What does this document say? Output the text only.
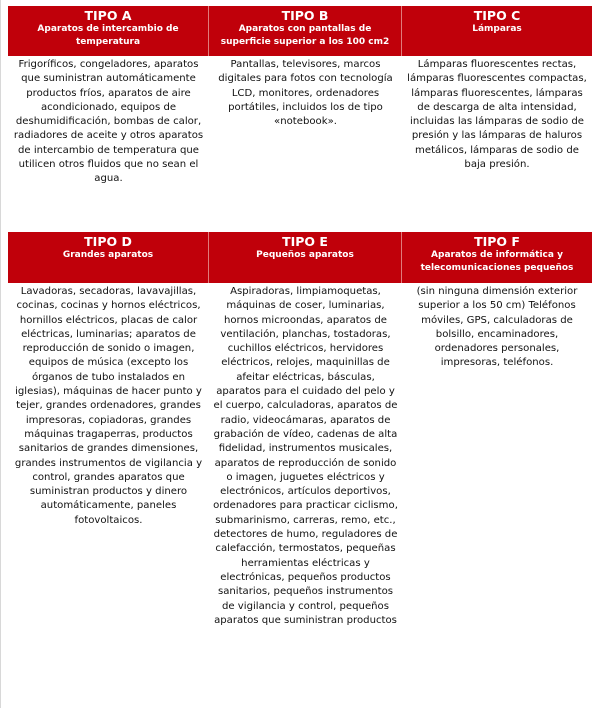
TIPO A
Aparatos de intercambio de temperatura
Frigoríficos, congeladores, aparatos que suministran automáticamente productos fríos, aparatos de aire acondicionado, equipos de deshumidificación, bombas de calor, radiadores de aceite y otros aparatos de intercambio de temperatura que utilicen otros fluidos que no sean el agua.
TIPO B
Aparatos con pantallas de superficie superior a los 100 cm2
Pantallas, televisores, marcos digitales para fotos con tecnología LCD, monitores, ordenadores portátiles, incluidos los de tipo «notebook».
TIPO C
Lámparas
Lámparas fluorescentes rectas, lámparas fluorescentes compactas, lámparas fluorescentes, lámparas de descarga de alta intensidad, incluidas las lámparas de sodio de presión y las lámparas de haluros metálicos, lámparas de sodio de baja presión.
TIPO D
Grandes aparatos
Lavadoras, secadoras, lavavajillas, cocinas, cocinas y hornos eléctricos, hornillos eléctricos, placas de calor eléctricas, luminarias; aparatos de reproducción de sonido o imagen, equipos de música (excepto los órganos de tubo instalados en iglesias), máquinas de hacer punto y tejer, grandes ordenadores, grandes impresoras, copiadoras, grandes máquinas tragaperras, productos sanitarios de grandes dimensiones, grandes instrumentos de vigilancia y control, grandes aparatos que suministran productos y dinero automáticamente, paneles fotovoltaicos.
TIPO E
Pequeños aparatos
Aspiradoras, limpiamoquetas, máquinas de coser, luminarias, hornos microondas, aparatos de ventilación, planchas, tostadoras, cuchillos eléctricos, hervidores eléctricos, relojes, maquinillas de afeitar eléctricas, básculas, aparatos para el cuidado del pelo y el cuerpo, calculadoras, aparatos de radio, videocámaras, aparatos de grabación de vídeo, cadenas de alta fidelidad, instrumentos musicales, aparatos de reproducción de sonido o imagen, juguetes eléctricos y electrónicos, artículos deportivos, ordenadores para practicar ciclismo, submarinismo, carreras, remo, etc., detectores de humo, reguladores de calefacción, termostatos, pequeñas herramientas eléctricas y electrónicas, pequeños productos sanitarios, pequeños instrumentos de vigilancia y control, pequeños aparatos que suministran productos
TIPO F
Aparatos de informática y telecomunicaciones pequeños
(sin ninguna dimensión exterior superior a los 50 cm) Teléfonos móviles, GPS, calculadoras de bolsillo, encaminadores, ordenadores personales, impresoras, teléfonos.
